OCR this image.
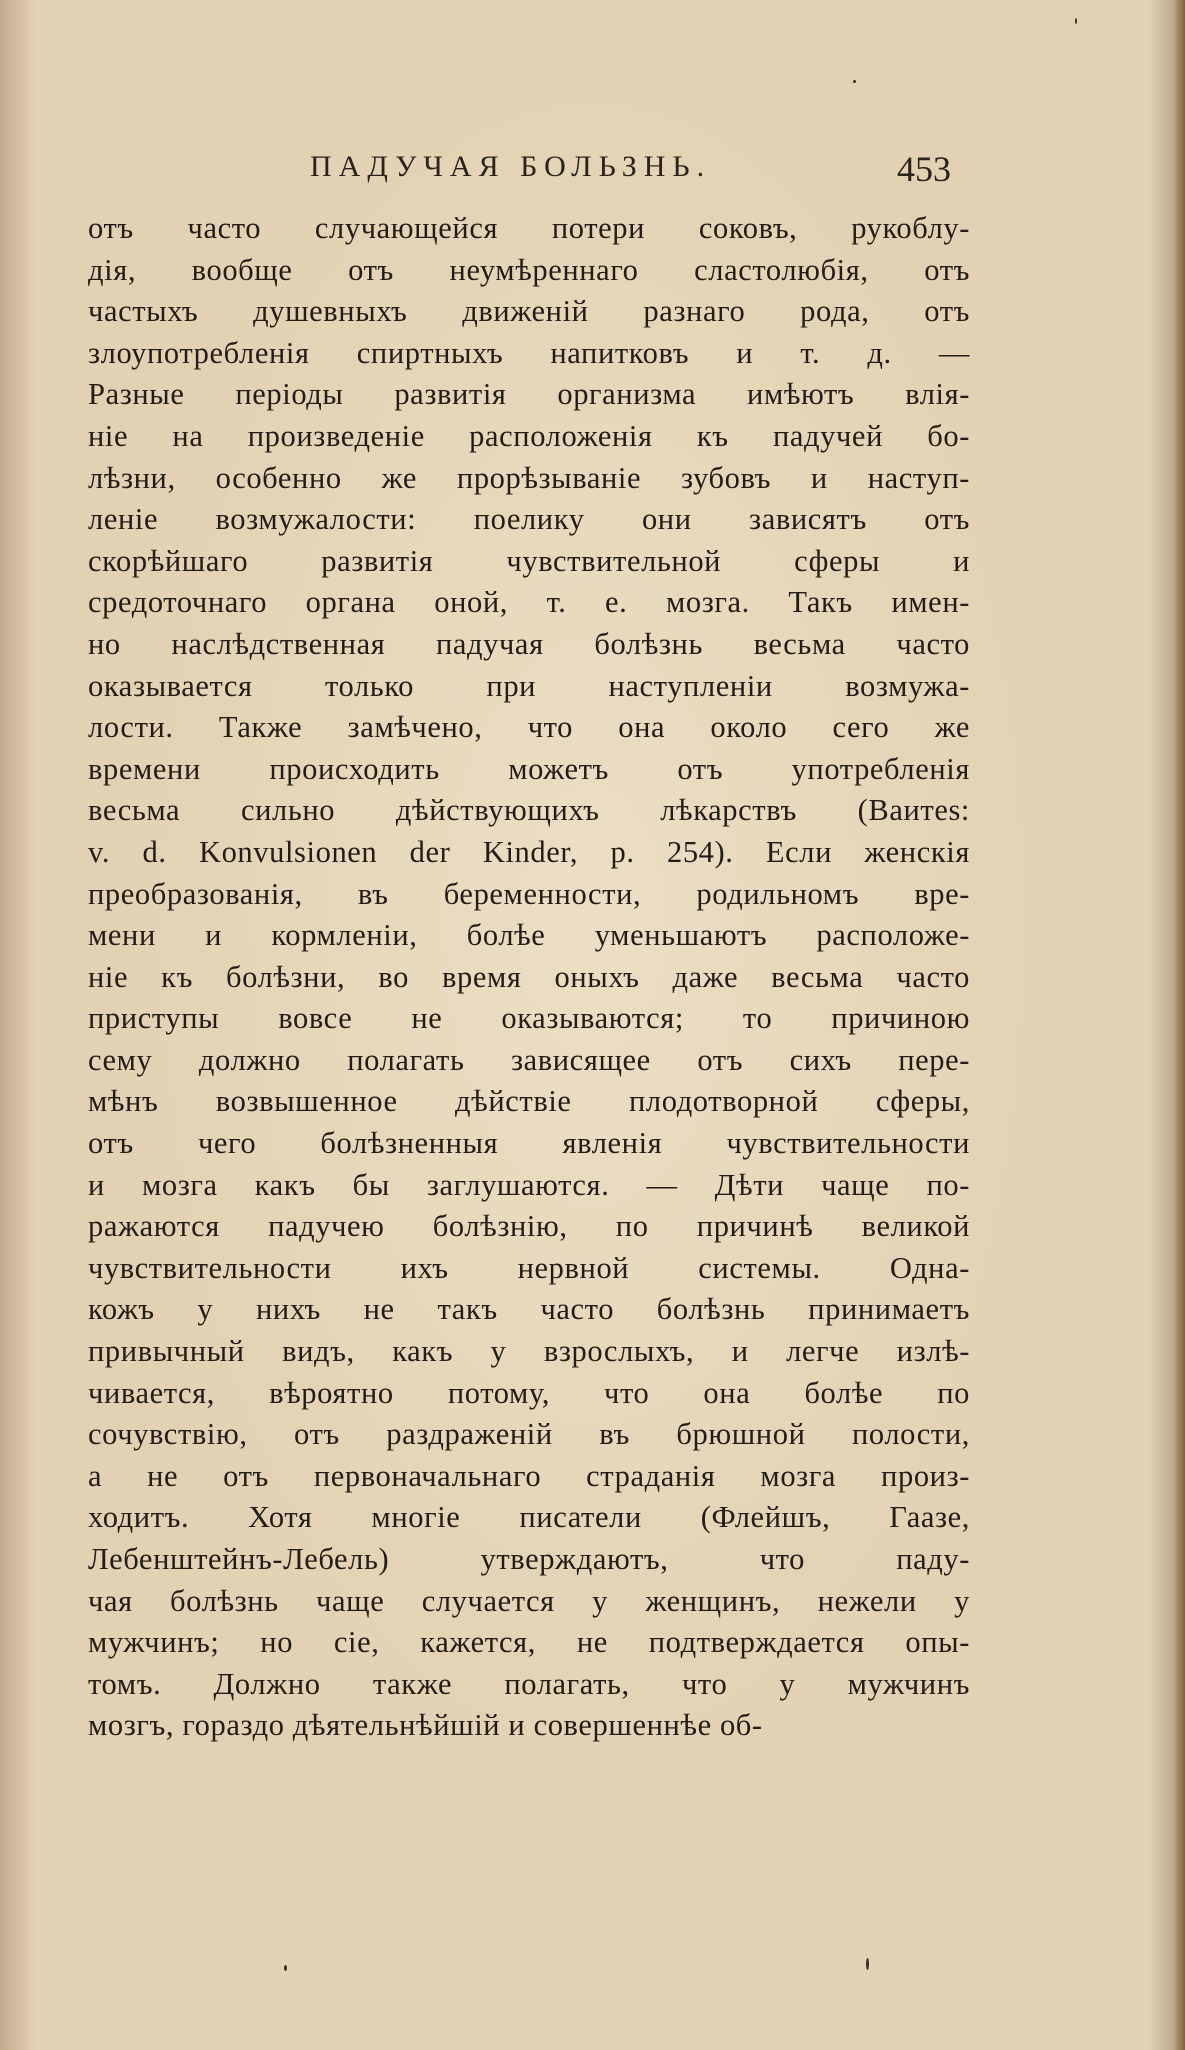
ПАДУЧАЯ БОЛЬЗНЬ.	453
отъ часто случающейся потери соковъ, рукоблу-
дія, вообще отъ неумѣреннаго сластолюбія, отъ
частыхъ душевныхъ движеній разнаго рода, отъ
злоупотребленія спиртныхъ напитковъ и т. д. —
Разные періоды развитія организма имѣютъ влія-
ніе на произведеніе расположенія къ падучей бо-
лѣзни, особенно же прорѣзываніе зубовъ и наступ-
леніе возмужалости: поелику они зависятъ отъ
скорѣйшаго развитія чувствительной сферы и
средоточнаго органа оной, т. е. мозга. Такъ имен-
но наслѣдственная падучая болѣзнь весьма часто
оказывается только при наступленіи возмужа-
лости. Также замѣчено, что она около сего же
времени происходить можетъ отъ употребленія
весьма сильно дѣйствующихъ лѣкарствъ (Ваитеs:
v. d. Konvulsionen der Kinder, p. 254). Если женскія
преобразованія, въ беременности, родильномъ вре-
мени и кормленіи, болѣе уменьшаютъ расположе-
ніе къ болѣзни, во время оныхъ даже весьма часто
приступы вовсе не оказываются; то причиною
сему должно полагать зависящее отъ сихъ пере-
мѣнъ возвышенное дѣйствіе плодотворной сферы,
отъ чего болѣзненныя явленія чувствительности
и мозга какъ бы заглушаются. — Дѣти чаще по-
ражаются падучею болѣзнію, по причинѣ великой
чувствительности ихъ нервной системы. Одна-
кожъ у нихъ не такъ часто болѣзнь принимаетъ
привычный видъ, какъ у взрослыхъ, и легче излѣ-
чивается, вѣроятно потому, что она болѣе по
сочувствію, отъ раздраженій въ брюшной полости,
а не отъ первоначальнаго страданія мозга произ-
ходитъ. Хотя многіе писатели (Флейшъ, Гаазе,
Лебенштейнъ-Лебель) утверждаютъ, что паду-
чая болѣзнь чаще случается у женщинъ, нежели у
мужчинъ; но сіе, кажется, не подтверждается опы-
томъ. Должно также полагать, что у мужчинъ
мозгъ, гораздо дѣятельнѣйшій и совершеннѣе об-
